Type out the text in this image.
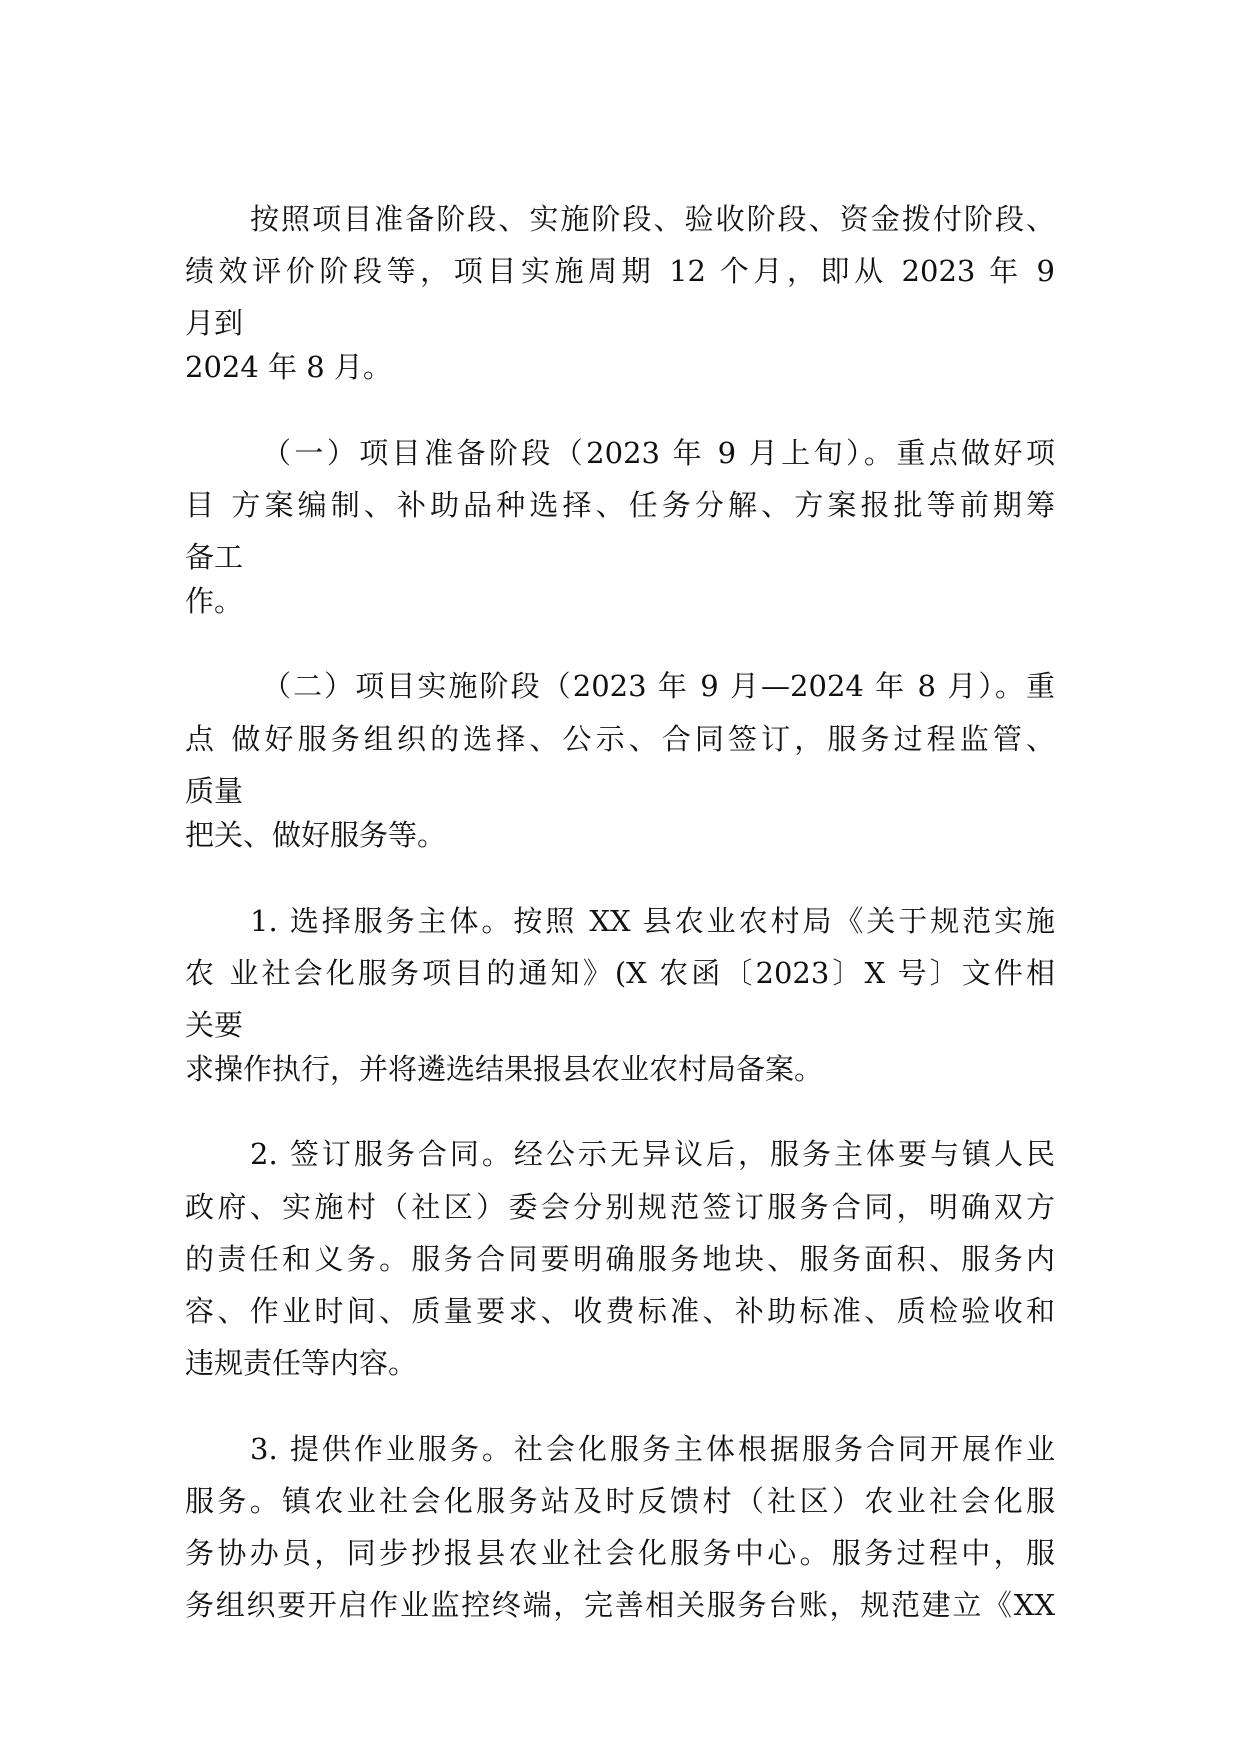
按照项目准备阶段、实施阶段、验收阶段、资金拨付阶段、
绩效评价阶段等，项目实施周期 12 个月，即从 2023 年 9
月到
2024 年 8 月。
（一）项目准备阶段（2023 年 9 月上旬）。重点做好项
目 方案编制、补助品种选择、任务分解、方案报批等前期筹
备工
作。
（二）项目实施阶段（2023 年 9 月—2024 年 8 月）。重
点 做好服务组织的选择、公示、合同签订，服务过程监管、
质量
把关、做好服务等。
1. 选择服务主体。按照 XX 县农业农村局《关于规范实施
农 业社会化服务项目的通知》(X 农函〔2023〕X 号〕文件相
关要
求操作执行，并将遴选结果报县农业农村局备案。
2. 签订服务合同。经公示无异议后，服务主体要与镇人民
政府、实施村（社区）委会分别规范签订服务合同，明确双方
的责任和义务。服务合同要明确服务地块、服务面积、服务内
容、作业时间、质量要求、收费标准、补助标准、质检验收和
违规责任等内容。
3. 提供作业服务。社会化服务主体根据服务合同开展作业
服务。镇农业社会化服务站及时反馈村（社区）农业社会化服
务协办员，同步抄报县农业社会化服务中心。服务过程中，服
务组织要开启作业监控终端，完善相关服务台账，规范建立《XX
